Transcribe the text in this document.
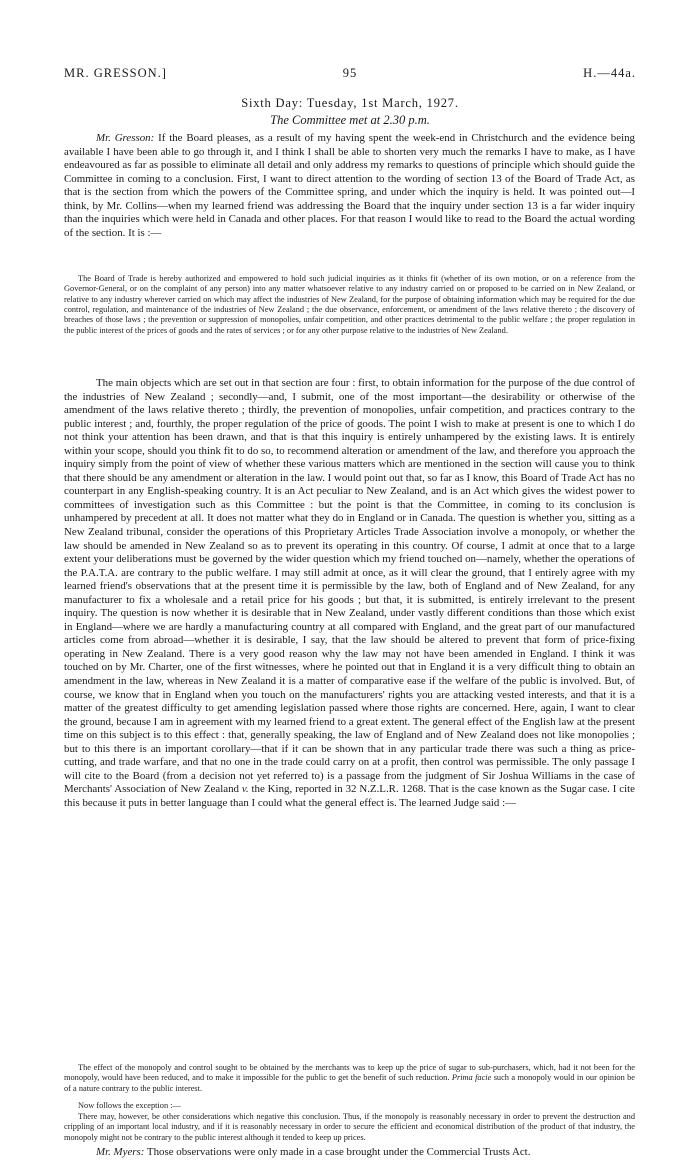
MR. GRESSON.]	95	H.—44a.
Sixth Day: Tuesday, 1st March, 1927.
The Committee met at 2.30 p.m.

Mr. Gresson: If the Board pleases, as a result of my having spent the week-end in Christchurch and the evidence being available I have been able to go through it, and I think I shall be able to shorten very much the remarks I have to make, as I have endeavoured as far as possible to eliminate all detail and only address my remarks to questions of principle which should guide the Committee in coming to a conclusion. First, I want to direct attention to the wording of section 13 of the Board of Trade Act, as that is the section from which the powers of the Committee spring, and under which the inquiry is held. It was pointed out—I think, by Mr. Collins—when my learned friend was addressing the Board that the inquiry under section 13 is a far wider inquiry than the inquiries which were held in Canada and other places. For that reason I would like to read to the Board the actual wording of the section. It is :—

The Board of Trade is hereby authorized and empowered to hold such judicial inquiries as it thinks fit (whether of its own motion, or on a reference from the Governor-General, or on the complaint of any person) into any matter whatsoever relative to any industry carried on or proposed to be carried on in New Zealand, or relative to any industry wherever carried on which may affect the industries of New Zealand, for the purpose of obtaining information which may be required for the due control, regulation, and maintenance of the industries of New Zealand ; the due observance, enforcement, or amendment of the laws relative thereto ; the discovery of breaches of those laws ; the prevention or suppression of monopolies, unfair competition, and other practices detrimental to the public welfare ; the proper regulation in the public interest of the prices of goods and the rates of services ; or for any other purpose relative to the industries of New Zealand.

The main objects which are set out in that section are four : first, to obtain information for the purpose of the due control of the industries of New Zealand ; secondly—and, I submit, one of the most important—the desirability or otherwise of the amendment of the laws relative thereto ; thirdly, the prevention of monopolies, unfair competition, and practices contrary to the public interest ; and, fourthly, the proper regulation of the price of goods. The point I wish to make at present is one to which I do not think your attention has been drawn, and that is that this inquiry is entirely unhampered by the existing laws. It is entirely within your scope, should you think fit to do so, to recommend alteration or amendment of the law, and therefore you approach the inquiry simply from the point of view of whether these various matters which are mentioned in the section will cause you to think that there should be any amendment or alteration in the law. I would point out that, so far as I know, this Board of Trade Act has no counterpart in any English-speaking country. It is an Act peculiar to New Zealand, and is an Act which gives the widest power to committees of investigation such as this Committee : but the point is that the Committee, in coming to its conclusion is unhampered by precedent at all. It does not matter what they do in England or in Canada. The question is whether you, sitting as a New Zealand tribunal, consider the operations of this Proprietary Articles Trade Association involve a monopoly, or whether the law should be amended in New Zealand so as to prevent its operating in this country. Of course, I admit at once that to a large extent your deliberations must be governed by the wider question which my friend touched on—namely, whether the operations of the P.A.T.A. are contrary to the public welfare. I may still admit at once, as it will clear the ground, that I entirely agree with my learned friend's observations that at the present time it is permissible by the law, both of England and of New Zealand, for any manufacturer to fix a wholesale and a retail price for his goods ; but that, it is submitted, is entirely irrelevant to the present inquiry. The question is now whether it is desirable that in New Zealand, under vastly different conditions than those which exist in England—where we are hardly a manufacturing country at all compared with England, and the great part of our manufactured articles come from abroad—whether it is desirable, I say, that the law should be altered to prevent that form of price-fixing operating in New Zealand. There is a very good reason why the law may not have been amended in England. I think it was touched on by Mr. Charter, one of the first witnesses, where he pointed out that in England it is a very difficult thing to obtain an amendment in the law, whereas in New Zealand it is a matter of comparative ease if the welfare of the public is involved. But, of course, we know that in England when you touch on the manufacturers' rights you are attacking vested interests, and that it is a matter of the greatest difficulty to get amending legislation passed where those rights are concerned. Here, again, I want to clear the ground, because I am in agreement with my learned friend to a great extent. The general effect of the English law at the present time on this subject is to this effect : that, generally speaking, the law of England and of New Zealand does not like monopolies ; but to this there is an important corollary—that if it can be shown that in any particular trade there was such a thing as price-cutting, and trade warfare, and that no one in the trade could carry on at a profit, then control was permissible. The only passage I will cite to the Board (from a decision not yet referred to) is a passage from the judgment of Sir Joshua Williams in the case of Merchants' Association of New Zealand v. the King, reported in 32 N.Z.L.R. 1268. That is the case known as the Sugar case. I cite this because it puts in better language than I could what the general effect is. The learned Judge said :—

The effect of the monopoly and control sought to be obtained by the merchants was to keep up the price of sugar to sub-purchasers, which, had it not been for the monopoly, would have been reduced, and to make it impossible for the public to get the benefit of such reduction. Prima facie such a monopoly would in our opinion be of a nature contrary to the public interest.

Now follows the exception :—

There may, however, be other considerations which negative this conclusion. Thus, if the monopoly is reasonably necessary in order to prevent the destruction and crippling of an important local industry, and if it is reasonably necessary in order to secure the efficient and economical distribution of the product of that industry, the monopoly might not be contrary to the public interest although it tended to keep up prices.

Mr. Myers: Those observations were only made in a case brought under the Commercial Trusts Act.
